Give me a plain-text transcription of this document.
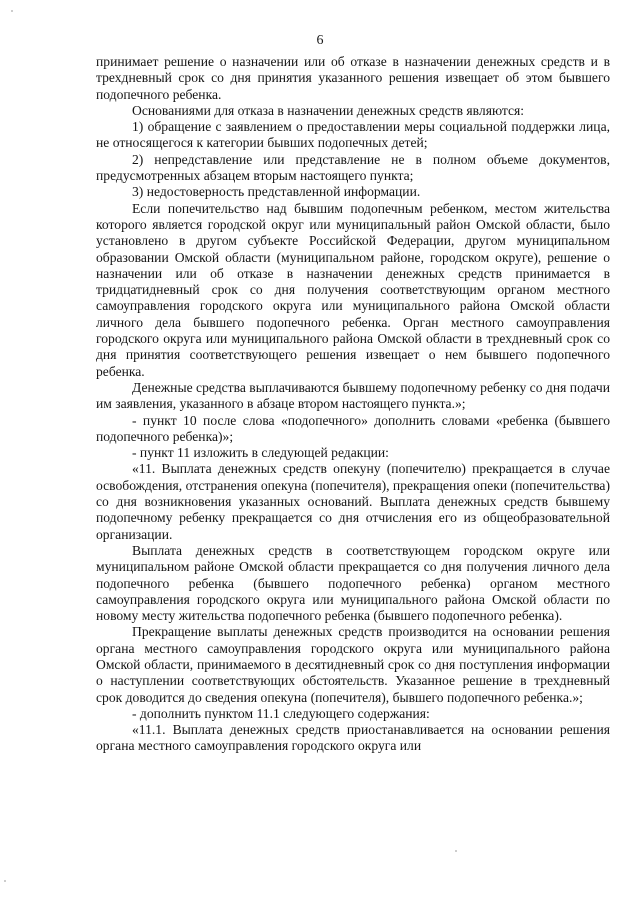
6

принимает решение о назначении или об отказе в назначении денежных средств и в трехдневный срок со дня принятия указанного решения извещает об этом бывшего подопечного ребенка.

Основаниями для отказа в назначении денежных средств являются:

1) обращение с заявлением о предоставлении меры социальной поддержки лица, не относящегося к категории бывших подопечных детей;

2) непредставление или представление не в полном объеме документов, предусмотренных абзацем вторым настоящего пункта;

3) недостоверность представленной информации.

Если попечительство над бывшим подопечным ребенком, местом жительства которого является городской округ или муниципальный район Омской области, было установлено в другом субъекте Российской Федерации, другом муниципальном образовании Омской области (муниципальном районе, городском округе), решение о назначении или об отказе в назначении денежных средств принимается в тридцатидневный срок со дня получения соответствующим органом местного самоуправления городского округа или муниципального района Омской области личного дела бывшего подопечного ребенка. Орган местного самоуправления городского округа или муниципального района Омской области в трехдневный срок со дня принятия соответствующего решения извещает о нем бывшего подопечного ребенка.

Денежные средства выплачиваются бывшему подопечному ребенку со дня подачи им заявления, указанного в абзаце втором настоящего пункта.»;

- пункт 10 после слова «подопечного» дополнить словами «ребенка (бывшего подопечного ребенка)»;

- пункт 11 изложить в следующей редакции:

«11. Выплата денежных средств опекуну (попечителю) прекращается в случае освобождения, отстранения опекуна (попечителя), прекращения опеки (попечительства) со дня возникновения указанных оснований. Выплата денежных средств бывшему подопечному ребенку прекращается со дня отчисления его из общеобразовательной организации.

Выплата денежных средств в соответствующем городском округе или муниципальном районе Омской области прекращается со дня получения личного дела подопечного ребенка (бывшего подопечного ребенка) органом местного самоуправления городского округа или муниципального района Омской области по новому месту жительства подопечного ребенка (бывшего подопечного ребенка).

Прекращение выплаты денежных средств производится на основании решения органа местного самоуправления городского округа или муниципального района Омской области, принимаемого в десятидневный срок со дня поступления информации о наступлении соответствующих обстоятельств. Указанное решение в трехдневный срок доводится до сведения опекуна (попечителя), бывшего подопечного ребенка.»;

- дополнить пунктом 11.1 следующего содержания:

«11.1. Выплата денежных средств приостанавливается на основании решения органа местного самоуправления городского округа или
